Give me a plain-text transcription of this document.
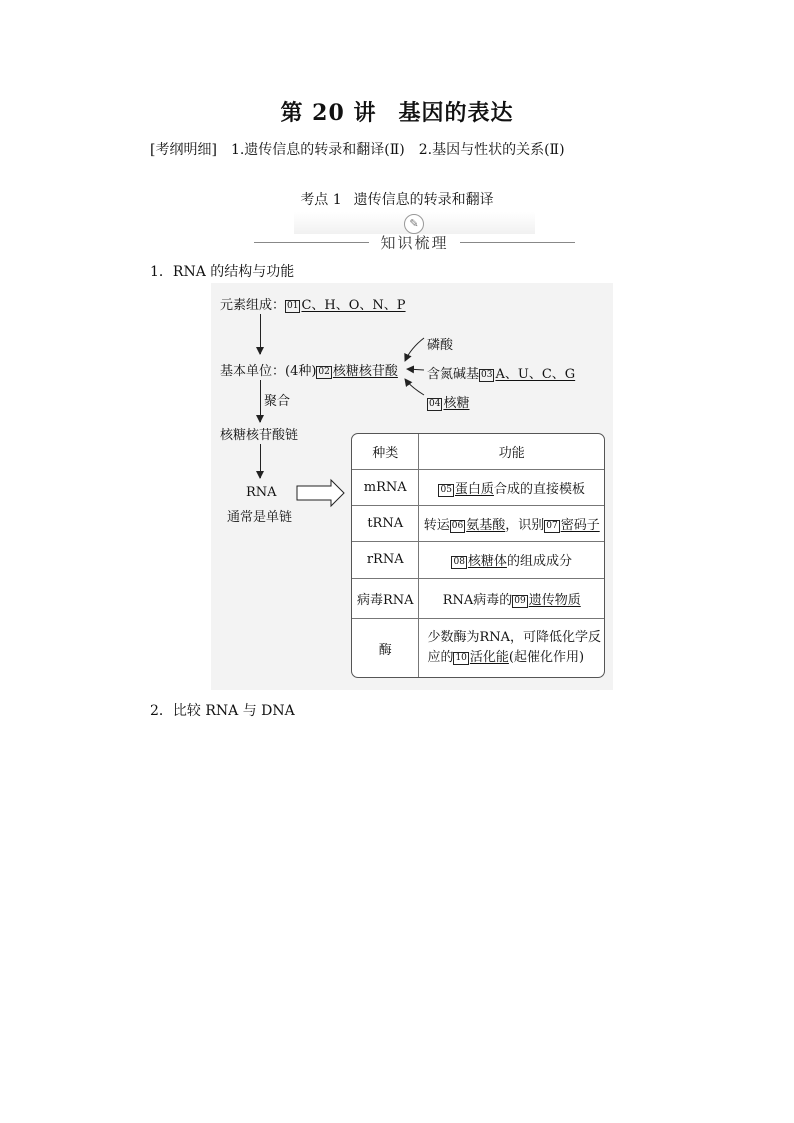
第 20 讲 基因的表达
[考纲明细] 1.遗传信息的转录和翻译(Ⅱ) 2.基因与性状的关系(Ⅱ)
考点 1 遗传信息的转录和翻译
✎
知识梳理
1．RNA 的结构与功能
元素组成： 01 C、H、O、N、P
基本单位：(4种) 02 核糖核苷酸
磷酸
含氮碱基 03 A、U、C、G
04 核糖
聚合
核糖核苷酸链
RNA
通常是单链
种类	功能
mRNA	05 蛋白质合成的直接模板
tRNA	转运 06 氨基酸，识别 07 密码子
rRNA	08 核糖体的组成成分
病毒RNA	RNA病毒的 09 遗传物质
酶	少数酶为RNA，可降低化学反
应的 10 活化能(起催化作用)
2．比较 RNA 与 DNA
